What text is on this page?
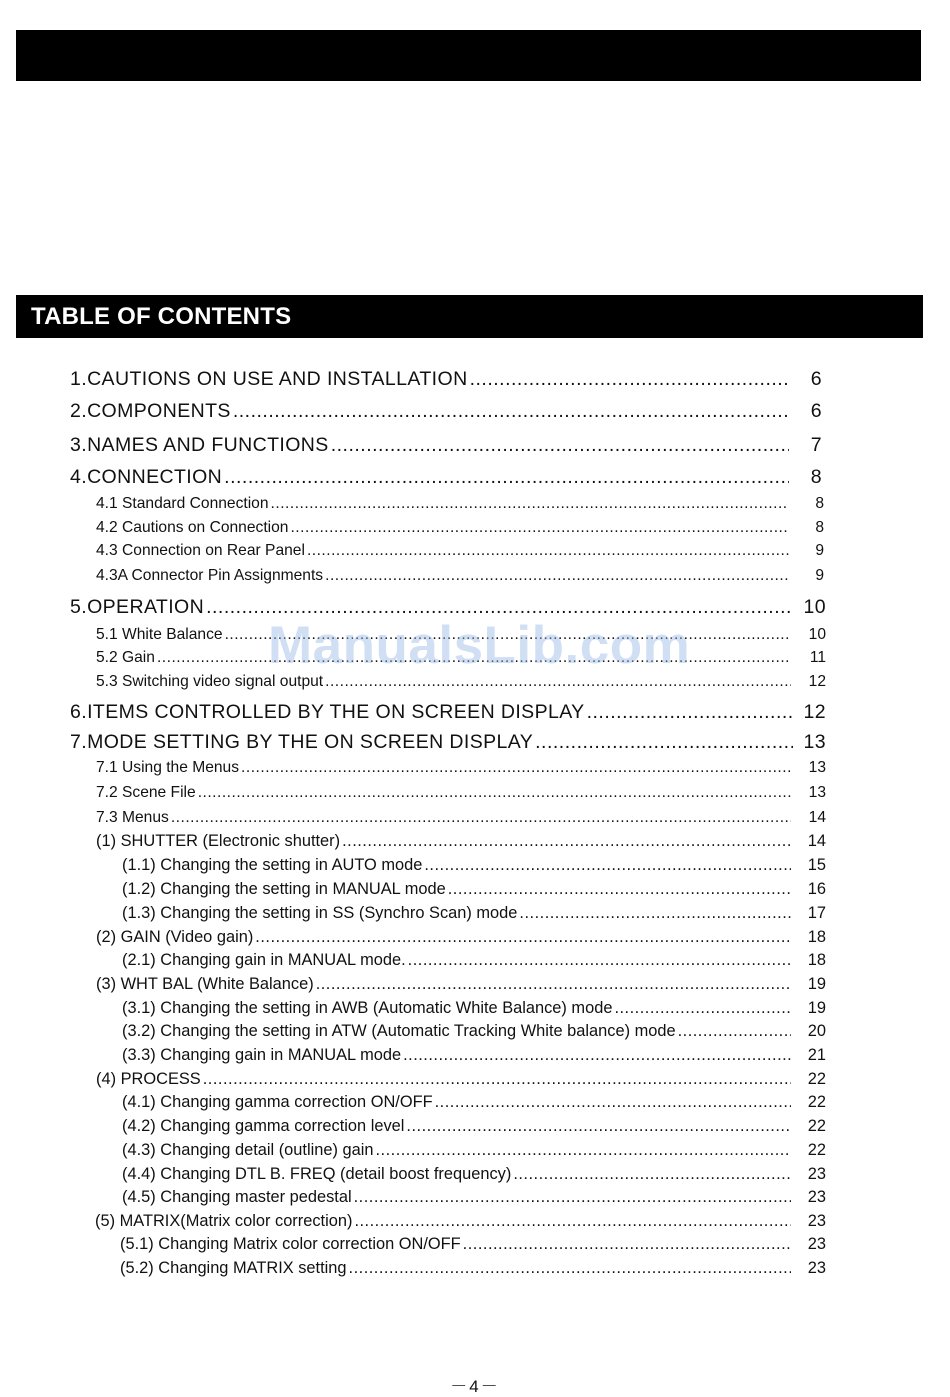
TABLE OF CONTENTS
1. CAUTIONS ON USE AND INSTALLATION .....	6
2. COMPONENTS .....	6
3. NAMES AND FUNCTIONS .....	7
4. CONNECTION .....	8
4.1 Standard Connection .....	8
4.2 Cautions on Connection .....	8
4.3 Connection on Rear Panel .....	9
4.3A Connector Pin Assignments .....	9
5. OPERATION .....	10
5.1 White Balance .....	10
5.2 Gain .....	11
5.3 Switching video signal output .....	12
6. ITEMS CONTROLLED BY THE ON SCREEN DISPLAY .....	12
7. MODE SETTING BY THE ON SCREEN DISPLAY .....	13
7.1 Using the Menus .....	13
7.2 Scene File .....	13
7.3 Menus .....	14
(1) SHUTTER (Electronic shutter) .....	14
(1.1) Changing the setting in AUTO mode .....	15
(1.2) Changing the setting in MANUAL mode .....	16
(1.3) Changing the setting in SS (Synchro Scan) mode .....	17
(2) GAIN (Video gain) .....	18
(2.1) Changing gain in MANUAL mode. .....	18
(3) WHT BAL (White Balance) .....	19
(3.1) Changing the setting in AWB (Automatic White Balance) mode .....	19
(3.2) Changing the setting in ATW (Automatic Tracking White balance) mode .....	20
(3.3) Changing gain in MANUAL mode .....	21
(4) PROCESS .....	22
(4.1) Changing gamma correction ON/OFF .....	22
(4.2) Changing gamma correction level .....	22
(4.3) Changing detail (outline) gain .....	22
(4.4) Changing DTL B. FREQ (detail boost frequency) .....	23
(4.5) Changing master pedestal .....	23
(5) MATRIX(Matrix color correction) .....	23
(5.1) Changing Matrix color correction ON/OFF .....	23
(5.2) Changing MATRIX setting .....	23
ManualsLib.com
－4－
